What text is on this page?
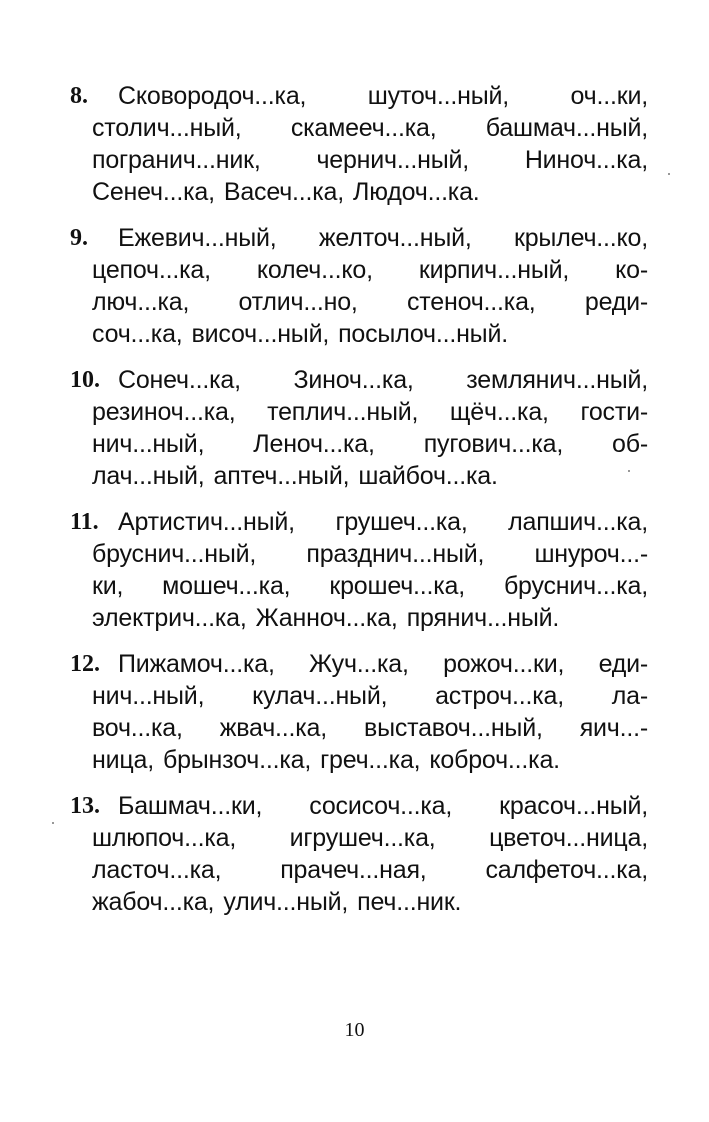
8. Сковородоч...ка, шуточ...ный, оч...ки,
столич...ный, скамееч...ка, башмач...ный,
погранич...ник, чернич...ный, Ниноч...ка,
Сенеч...ка, Васеч...ка, Людоч...ка.
9. Ежевич...ный, желточ...ный, крылеч...ко,
цепоч...ка, колеч...ко, кирпич...ный, ко-
люч...ка, отлич...но, стеноч...ка, реди-
соч...ка, височ...ный, посылоч...ный.
10. Сонеч...ка, Зиноч...ка, землянич...ный,
резиноч...ка, теплич...ный, щёч...ка, гости-
нич...ный, Леноч...ка, пугович...ка, об-
лач...ный, аптеч...ный, шайбоч...ка.
11. Артистич...ный, грушеч...ка, лапшич...ка,
бруснич...ный, празднич...ный, шнуроч...-
ки, мошеч...ка, крошеч...ка, бруснич...ка,
электрич...ка, Жанноч...ка, прянич...ный.
12. Пижамоч...ка, Жуч...ка, рожоч...ки, еди-
нич...ный, кулач...ный, астроч...ка, ла-
воч...ка, жвач...ка, выставоч...ный, яич...-
ница, брынзоч...ка, греч...ка, коброч...ка.
13. Башмач...ки, сосисоч...ка, красоч...ный,
шлюпоч...ка, игрушеч...ка, цветоч...ница,
ласточ...ка, прачеч...ная, салфеточ...ка,
жабоч...ка, улич...ный, печ...ник.
10
